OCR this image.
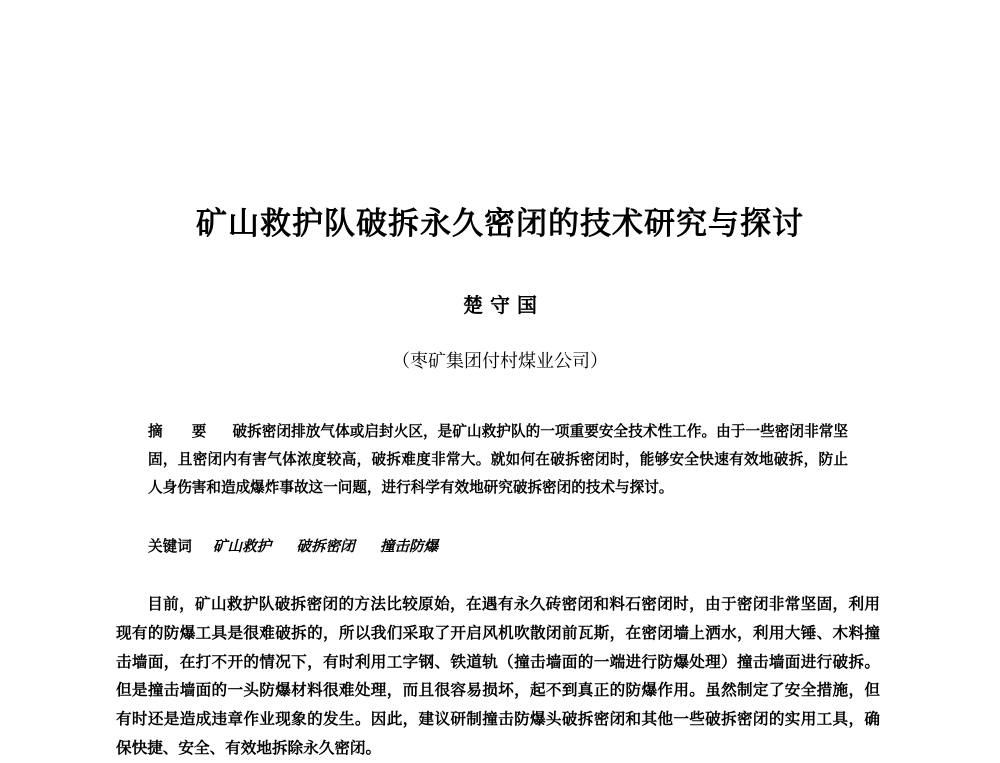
矿山救护队破拆永久密闭的技术研究与探讨
楚 守 国
（枣矿集团付村煤业公司）
摘 要 破拆密闭排放气体或启封火区，是矿山救护队的一项重要安全技术性工作。由于一些密闭非常坚固，且密闭内有害气体浓度较高，破拆难度非常大。就如何在破拆密闭时，能够安全快速有效地破拆，防止人身伤害和造成爆炸事故这一问题，进行科学有效地研究破拆密闭的技术与探讨。
关键词 矿山救护 破拆密闭 撞击防爆
目前，矿山救护队破拆密闭的方法比较原始，在遇有永久砖密闭和料石密闭时，由于密闭非常坚固，利用现有的防爆工具是很难破拆的，所以我们采取了开启风机吹散闭前瓦斯，在密闭墙上洒水，利用大锤、木料撞击墙面，在打不开的情况下，有时利用工字钢、铁道轨（撞击墙面的一端进行防爆处理）撞击墙面进行破拆。但是撞击墙面的一头防爆材料很难处理，而且很容易损坏，起不到真正的防爆作用。虽然制定了安全措施，但有时还是造成违章作业现象的发生。因此，建议研制撞击防爆头破拆密闭和其他一些破拆密闭的实用工具，确保快捷、安全、有效地拆除永久密闭。
